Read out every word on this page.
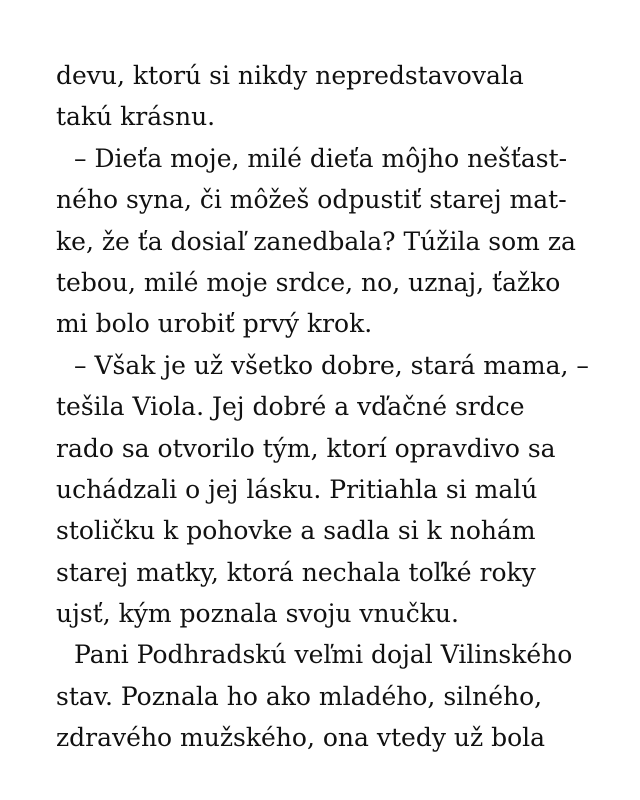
devu, ktorú si nikdy nepredstavovala
takú krásnu.
– Dieťa moje, milé dieťa môjho nešťast-
ného syna, či môžeš odpustiť starej mat-
ke, že ťa dosiaľ zanedbala? Túžila som za
tebou, milé moje srdce, no, uznaj, ťažko
mi bolo urobiť prvý krok.
– Však je už všetko dobre, stará mama, –
tešila Viola. Jej dobré a vďačné srdce
rado sa otvorilo tým, ktorí opravdivo sa
uchádzali o jej lásku. Pritiahla si malú
stoličku k pohovke a sadla si k nohám
starej matky, ktorá nechala toľké roky
ujsť, kým poznala svoju vnučku.
Pani Podhradskú veľmi dojal Vilinského
stav. Poznala ho ako mladého, silného,
zdravého mužského, ona vtedy už bola
